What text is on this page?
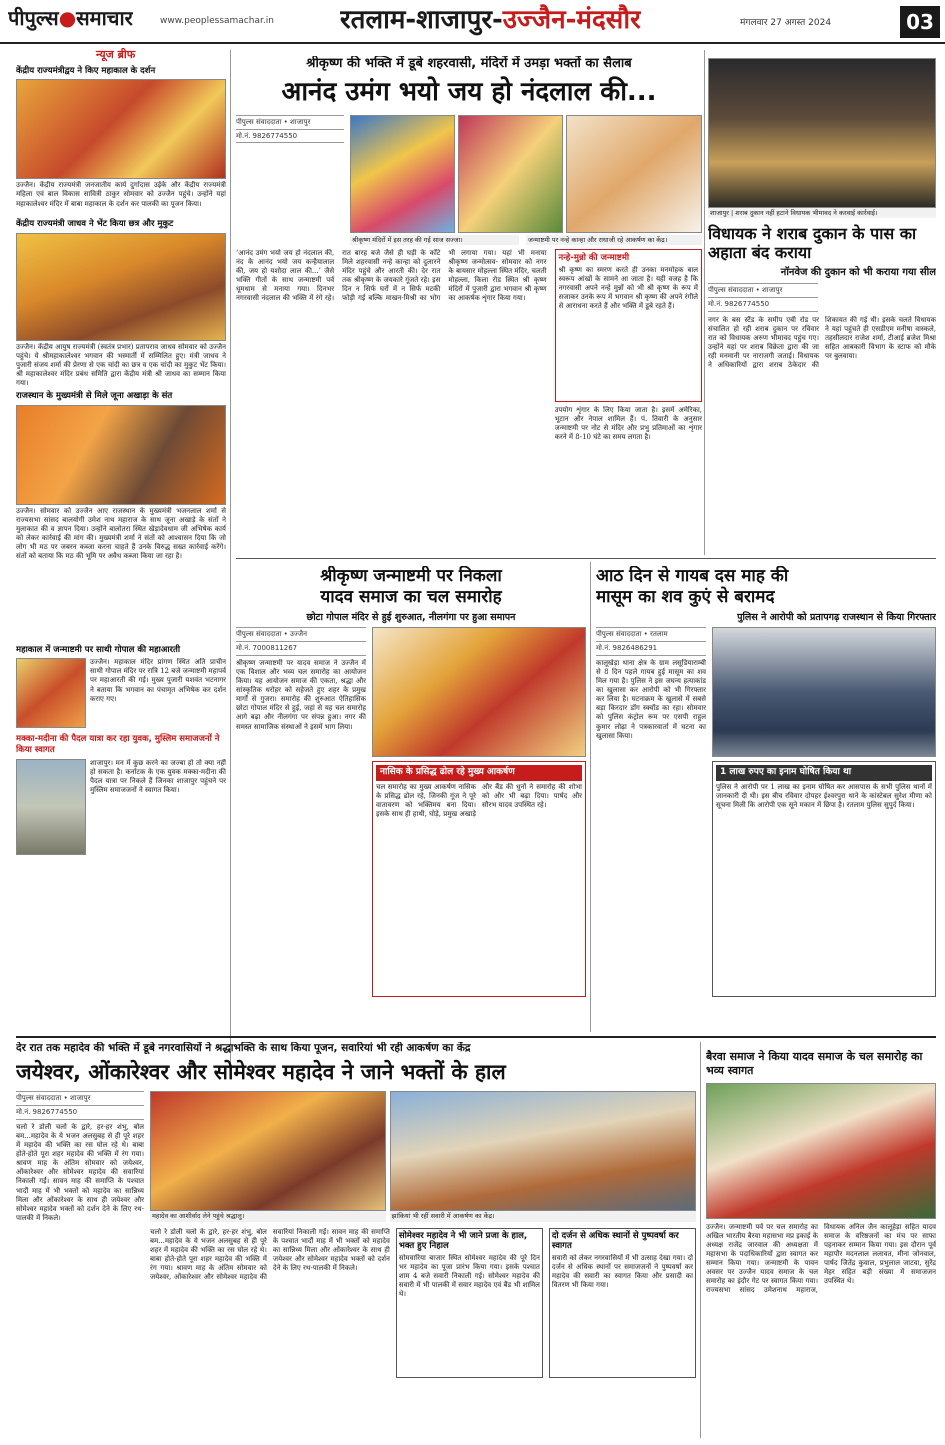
पीपुल्स●समाचार	www.peoplessamachar.in	रतलाम-शाजापुर-उज्जैन-मंदसौर	मंगलवार 27 अगस्त 2024	03
न्यूज ब्रीफ
केंद्रीय राज्यमंत्रीद्वय ने किए महाकाल के दर्शन
उज्जैन। केंद्रीय राज्यमंत्री जनजातीय कार्य दुर्गादास उईके और केंद्रीय राज्यमंत्री महिला एवं बाल विकास सावित्री ठाकुर सोमवार को उज्जैन पहुंचे। उन्होंने यहां महाकालेश्वर मंदिर में बाबा महाकाल के दर्शन कर पालकी का पूजन किया।
केंद्रीय राज्यमंत्री जाधव ने भेंट किया छत्र और मुकुट
उज्जैन। केंद्रीय आयुष राज्यमंत्री (स्वतंत्र प्रभार) प्रतापराव जाधव सोमवार को उज्जैन पहुंचे। ये श्रीमहाकालेश्वर भगवान की भस्मार्ती में सम्मिलित हुए। मंत्री जाधव ने पुजारी संजय शर्मा की प्रेरणा से एक चांदी का छत्र व एक चांदी का मुकुट भेंट किया। श्री महाकालेश्वर मंदिर प्रबंध समिति द्वारा केंद्रीय मंत्री श्री जाधव का सम्मान किया गया।
राजस्थान के मुख्यमंत्री से मिले जूना अखाड़ा के संत
उज्जैन। सोमवार को उज्जैन आए राजस्थान के मुख्यमंत्री भजनलाल शर्मा से राज्यसभा सांसद बालयोगी उमेश नाथ महाराज के साथ जूना अखाड़े के संतों ने मुलाकात की व ज्ञापन दिया। उन्होंने बालोतरा स्थित खेड़ादेवधाम जी अभिषेक कार्य को लेकर कार्रवाई की मांग की। मुख्यमंत्री शर्मा ने संतों को आश्वासन दिया कि जो लोग भी मठ पर जबरन कब्जा करना चाहते हैं उनके विरुद्ध सख्त कार्रवाई करेंगे। संतों को बताया कि मठ की भूमि पर अवैध कब्जा किया जा रहा है।
महाकाल में जन्माष्टमी पर साथी गोपाल की महाआरती
उज्जैन। महाकाल मंदिर प्रांगण स्थित अति प्राचीन साथी गोपाल मंदिर पर रात्रि 12 बजे जन्माष्टमी महापर्व पर महाआरती की गई। मुख्य पुजारी यशवंत भटनागर ने बताया कि भगवान का पंचामृत अभिषेक कर दर्शन कराए गए।
मक्का-मदीना की पैदल यात्रा कर रहा युवक, मुस्लिम समाजजनों ने किया स्वागत
शाजापुर। मन में कुछ करने का जज्बा हो तो क्या नहीं हो सकता है। कर्नाटक के एक युवक मक्का-मदीना की पैदल यात्रा पर निकले हैं जिनका शाजापुर पहुंचने पर मुस्लिम समाजजनों ने स्वागत किया।
श्रीकृष्ण की भक्ति में डूबे शहरवासी, मंदिरों में उमड़ा भक्तों का सैलाब
आनंद उमंग भयो जय हो नंदलाल की...
पीपुल्स संवाददाता • शाजापुर
मो.नं. 9826774550
श्रीकृष्ण मंदिरों में इस तरह की गई साज सज्जा।	जन्माष्टमी पर नन्हे कान्हा और राधाजी रहे आकर्षण का केंद्र।
‘आनंद उमंग भयो जय हो नंदलाल की, नंद के आनंद भयो जय कन्हैयालाल की, जय हो यशोदा लाल की...’ जैसे भक्ति गीतों के साथ जन्माष्टमी पर्व धूमधाम से मनाया गया। दिनभर नगरवासी नंदलाल की भक्ति में रंगे रहे। रात बारह बजे जैसे ही घड़ी के काँटे मिले शहरवासी नन्हे कान्हा को दुलारने मंदिर पहुंचे और आरती की। देर रात तक श्रीकृष्ण के जयकारे गूंजते रहे। इस दिन न सिर्फ घरों में न सिर्फ मटकी फोड़ी गई बल्कि माखन-मिश्री का भोग भी लगाया गया। यहां भी मनाया श्रीकृष्ण जन्मोत्सव- सोमवार को नगर के बायसार मोहल्ला स्थित मंदिर, चलती मोहल्ला, किला रोड स्थित श्री कृष्ण मंदिरों में पुजारी द्वारा भगवान श्री कृष्ण का आकर्षक शृंगार किया गया।
नन्हे-मुन्नो की जन्माष्टमी
श्री कृष्ण का स्मरण करते ही उनका मनमोहक बाल स्वरूप आंखों के सामने आ जाता है। यही वजह है कि नगरवासी अपने नन्हे मुन्नों को भी श्री कृष्ण के रूप में सजाकर उनके रूप में भगवान श्री कृष्ण की अपने रंगीले से आराधना करते हैं और भक्ति में डूबे रहते हैं।
उपयोग शृंगार के लिए किया जाता है। इसमें अमेरिका, भूटान और नेपाल शामिल हैं। पं. तिवारी के अनुसार जन्माष्टमी पर नोट से मंदिर और प्रभु प्रतिमाओं का शृंगार करने में 8-10 घंटे का समय लगता है।
शाजापुर | शराब दुकान नहीं हटाने विधायक भीमावद ने करवाई कार्रवाई।
विधायक ने शराब दुकान के पास का अहाता बंद कराया
नॉनवेज की दुकान को भी कराया गया सील
पीपुल्स संवाददाता • शाजापुर
मो.नं. 9826774550
नगर के बस स्टैंड के समीप एबी रोड पर संचालित हो रही शराब दुकान पर रविवार रात को विधायक अरुण भीमावद पहुंच गए। उन्होंने यहां पर शराब विक्रेता द्वारा की जा रही मनमानी पर नाराजगी जताई। विधायक ने अधिकारियों द्वारा शराब ठेकेदार की शिकायत की गई थी। इसके चलते विधायक ने यहां पहुंचते ही एसडीएम मनीषा वास्कले, तहसीलदार राजेश शर्मा, टीआई ब्रजेश मिश्रा सहित आबकारी विभाग के स्टाफ को मौके पर बुलवाया।
श्रीकृष्ण जन्माष्टमी पर निकला
यादव समाज का चल समारोह
छोटा गोपाल मंदिर से हुई शुरुआत, नीलगंगा पर हुआ समापन
पीपुल्स संवाददाता • उज्जैन
मो.नं. 7000811267
श्रीकृष्ण जन्माष्टमी पर यादव समाज ने उज्जैन में एक विशाल और भव्य चल समारोह का आयोजन किया। यह आयोजन समाज की एकता, श्रद्धा और सांस्कृतिक धरोहर को सहेजते हुए शहर के प्रमुख मार्गों से गुजरा। समारोह की शुरुआत ऐतिहासिक छोटा गोपाल मंदिर से हुई, जहां से यह चल समारोह आगे बढ़ा और नीलगंगा पर संपन्न हुआ। नगर की समस्त सामाजिक संस्थाओं ने इसमें भाग लिया।
नासिक के प्रसिद्ध ढोल रहे मुख्य आकर्षण
चल समारोह का मुख्य आकर्षण नासिक के प्रसिद्ध ढोल रहे, जिनकी गूंज ने पूरे वातावरण को भक्तिमय बना दिया। इसके साथ ही हाथी, घोड़े, प्रमुख अखाड़े और बैंड की धुनों ने समारोह की शोभा को और भी बढ़ा दिया। पार्षद और सौरभ यादव उपस्थित रहे।
आठ दिन से गायब दस माह की
मासूम का शव कुएं से बरामद
पुलिस ने आरोपी को प्रतापगढ़ राजस्थान से किया गिरफ्तार
पीपुल्स संवाददाता • रतलाम
मो.नं. 9826486291
कालूखेड़ा थाना क्षेत्र के ग्राम लसूडियाराम्बी से 8 दिन पहले गायब हुई मासूम का शव मिल गया है। पुलिस ने इस जघन्य हत्याकांड का खुलासा कर आरोपी को भी गिरफ्तार कर लिया है। घटनाक्रम के खुलासे में सबसे बड़ा किरदार डॉग स्क्वॉड का रहा। सोमवार को पुलिस कंट्रोल रूम पर एसपी राहुल कुमार लोढ़ा ने पत्रकारवार्ता में घटना का खुलासा किया।
1 लाख रुपए का इनाम घोषित किया था
पुलिस ने आरोपी पर 1 लाख का इनाम घोषित कर आसपास के सभी पुलिस थानों में जानकारी दी थी। इस बीच रविवार दोपहर ईश्वरपुरा थाने के कांस्टेबल सुरेश मीणा को सूचना मिली कि आरोपी एक सूने मकान में छिपा है। रतलाम पुलिस सुपुर्द किया।
देर रात तक महादेव की भक्ति में डूबे नगरवासियों ने श्रद्धाभक्ति के साथ किया पूजन, सवारियां भी रही आकर्षण का केंद्र
जयेश्वर, ओंकारेश्वर और सोमेश्वर महादेव ने जाने भक्तों के हाल
पीपुल्स संवाददाता • शाजापुर
मो.नं. 9826774550
चलो रे डोली चलो के द्वारे, हर-हर शंभु, बोल बम...महादेव के ये भजन अलसुबह से ही पूरे शहर में महादेव की भक्ति का रस घोल रहे थे। बाबा होते-होते पूरा शहर महादेव की भक्ति में रंग गया। श्रावण माह के अंतिम सोमवार को जयेश्वर, ओंकारेश्वर और सोमेश्वर महादेव की सवारियां निकाली गईं। सावन माह की समाप्ति के पश्चात भादौं माह में भी भक्तों को महादेव का सान्निध्य मिला और ओंकारेश्वर के साथ ही जयेश्वर और सोमेश्वर महादेव भक्तों को दर्शन देने के लिए रथ-पालकी में निकले।	महादेव का आशीर्वाद लेने पहुंचे श्रद्धालु।	झांकियां भी रहीं सवारी में आकर्षण का केंद्र।
चलो रे डोली चलो के द्वारे, हर-हर शंभु, बोल बम...महादेव के ये भजन अलसुबह से ही पूरे शहर में महादेव की भक्ति का रस घोल रहे थे। बाबा होते-होते पूरा शहर महादेव की भक्ति में रंग गया। श्रावण माह के अंतिम सोमवार को जयेश्वर, ओंकारेश्वर और सोमेश्वर महादेव की सवारियां निकाली गईं। सावन माह की समाप्ति के पश्चात भादौं माह में भी भक्तों को महादेव का सान्निध्य मिला और ओंकारेश्वर के साथ ही जयेश्वर और सोमेश्वर महादेव भक्तों को दर्शन देने के लिए रथ-पालकी में निकले।
सोमेश्वर महादेव ने भी जाने प्रजा के हाल, भक्त हुए निहाल
सोमवारिया बाजार स्थित सोमेश्वर महादेव की पूरे दिन भर महादेव का पूजा प्रारंभ किया गया। इसके पश्चात शाम 4 बजे सवारी निकाली गई। सोमेश्वर महादेव की सवारी में भी पालकी में सवार महादेव एवं बैंड भी शामिल थे।
दो दर्जन से अधिक स्थानों से पुष्पवर्षा कर स्वागत
सवारी को लेकर नगरवासियों में भी उत्साह देखा गया। दो दर्जन से अधिक स्थानों पर समाजजनों ने पुष्पवर्षा कर महादेव की सवारी का स्वागत किया और प्रसादी का वितरण भी किया गया।
बैरवा समाज ने किया यादव समाज के चल समारोह का भव्य स्वागत
उज्जैन। जन्माष्टमी पर्व पर चल समारोह का अखिल भारतीय बैरवा महासभा मप्र इकाई के अध्यक्ष राजेंद्र जारवाल की अध्यक्षता में महासभा के पदाधिकारियों द्वारा स्वागत कर सम्मान किया गया। जन्माष्टमी के पावन अवसर पर उज्जैन यादव समाज के चल समारोह का इंदौर गेट पर स्वागत किया गया। राज्यसभा सांसद उमेशनाथ महाराज, विधायक अनिल जैन कालूहेड़ा सहित यादव समाज के वरिष्ठजनों का मंच पर साफा पहनाकर सम्मान किया गया। इस दौरान पूर्व महापौर मदनलाल ललावत, मीना जोनवाल, पार्षद जितेंद्र कुवाल, प्रभुलाल जाटवा, सुरेंद्र मेहर सहित बड़ी संख्या में समाजजन उपस्थित थे।
